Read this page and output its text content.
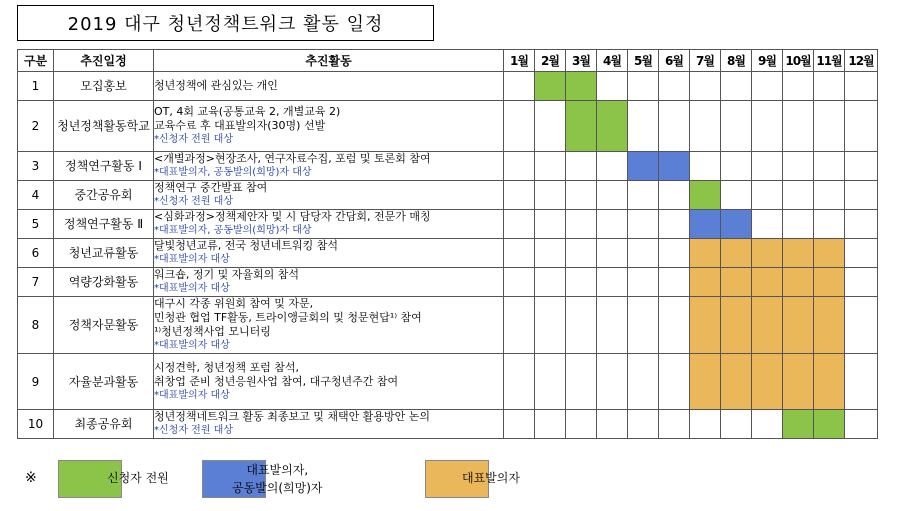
2019 대구 청년정책트워크 활동 일정
구분	추진일정	추진활동	1월	2월	3월	4월	5월	6월	7월	8월	9월	10월	11월	12월
1	모집홍보	청년정책에 관심있는 개인												

2	청년정책활동학교	OT, 4회 교육(공통교육 2, 개별교육 2)
교육수료 후 대표발의자(30명) 선발
*신청자 전원 대상												

3	정책연구활동 Ⅰ	<개별과정>현장조사, 연구자료수집, 포럼 및 토론회 참여
*대표발의자, 공동발의(희망)자 대상												

4	중간공유회	정책연구 중간발표 참여
*신청자 전원 대상												

5	정책연구활동 Ⅱ	<심화과정>정책제안자 및 시 담당자 간담회, 전문가 매칭
*대표발의자, 공동발의(희망)자 대상												

6	청년교류활동	달빛청년교류, 전국 청년네트워킹 참석
*대표발의자 대상												

7	역량강화활동	워크숍, 정기 및 자율회의 참석
*대표발의자 대상												

8	정책자문활동	대구시 각종 위원회 참여 및 자문,
민청관 협업 TF활동, 트라이앵글회의 및 청문현답¹⁾ 참여
¹⁾청년정책사업 모니터링
*대표발의자 대상												

9	자율분과활동	시정견학, 청년정책 포럼 참석,
취창업 준비 청년응원사업 참여, 대구청년주간 참여
*대표발의자 대상												

10	최종공유회	청년정책네트워크 활동 최종보고 및 채택안 활용방안 논의
*신청자 전원 대상												

※	신청자 전원
대표발의자,
공동발의(희망)자
대표발의자
